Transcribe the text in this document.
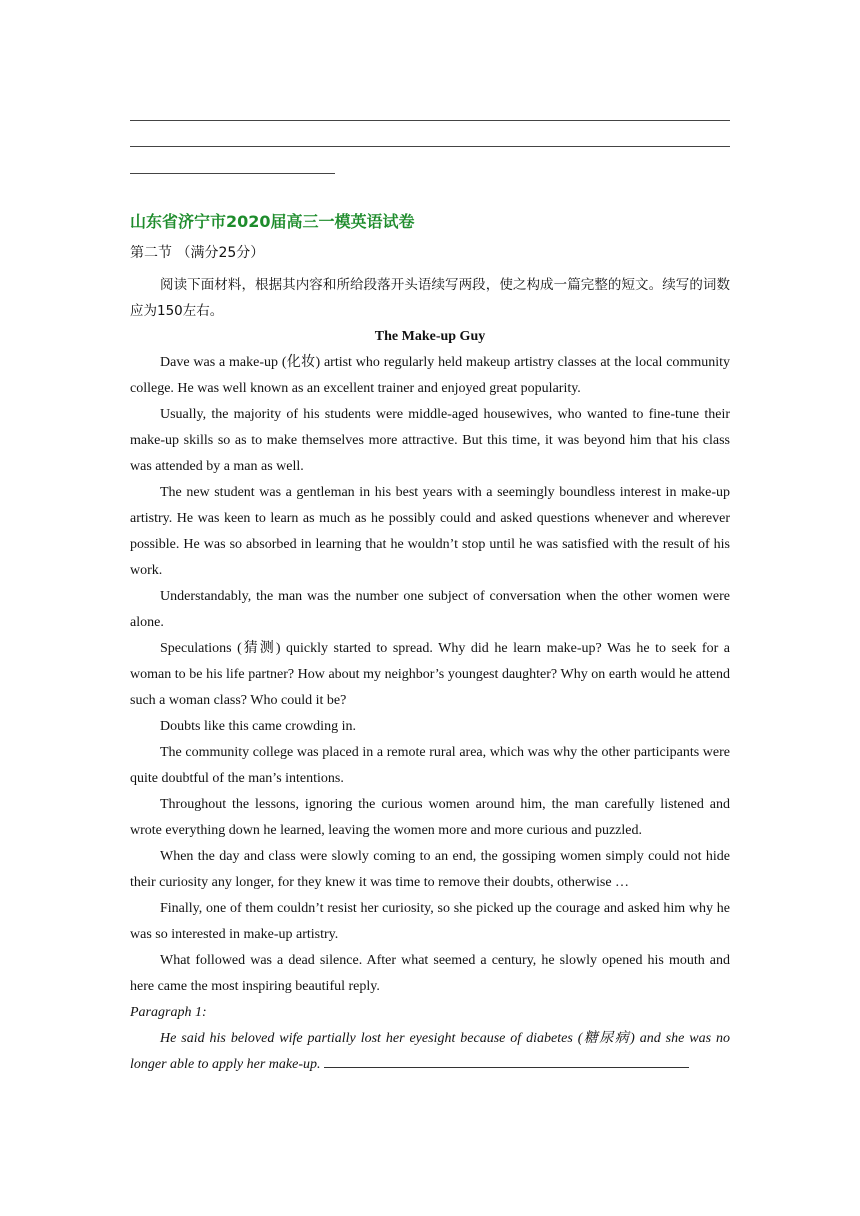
山东省济宁市2020届高三一模英语试卷
第二节 （满分25分）

阅读下面材料，根据其内容和所给段落开头语续写两段，使之构成一篇完整的短文。续写的词数应为150左右。

The Make-up Guy

Dave was a make-up (化妆) artist who regularly held makeup artistry classes at the local community college. He was well known as an excellent trainer and enjoyed great popularity.

Usually, the majority of his students were middle-aged housewives, who wanted to fine-tune their make-up skills so as to make themselves more attractive. But this time, it was beyond him that his class was attended by a man as well.

The new student was a gentleman in his best years with a seemingly boundless interest in make-up artistry. He was keen to learn as much as he possibly could and asked questions whenever and wherever possible. He was so absorbed in learning that he wouldn’t stop until he was satisfied with the result of his work.

Understandably, the man was the number one subject of conversation when the other women were alone.

Speculations (猜测) quickly started to spread. Why did he learn make-up? Was he to seek for a woman to be his life partner? How about my neighbor’s youngest daughter? Why on earth would he attend such a woman class? Who could it be?

Doubts like this came crowding in.

The community college was placed in a remote rural area, which was why the other participants were quite doubtful of the man’s intentions.

Throughout the lessons, ignoring the curious women around him, the man carefully listened and wrote everything down he learned, leaving the women more and more curious and puzzled.

When the day and class were slowly coming to an end, the gossiping women simply could not hide their curiosity any longer, for they knew it was time to remove their doubts, otherwise …

Finally, one of them couldn’t resist her curiosity, so she picked up the courage and asked him why he was so interested in make-up artistry.

What followed was a dead silence. After what seemed a century, he slowly opened his mouth and here came the most inspiring beautiful reply.

Paragraph 1:

He said his beloved wife partially lost her eyesight because of diabetes (糖尿病) and she was no longer able to apply her make-up.
